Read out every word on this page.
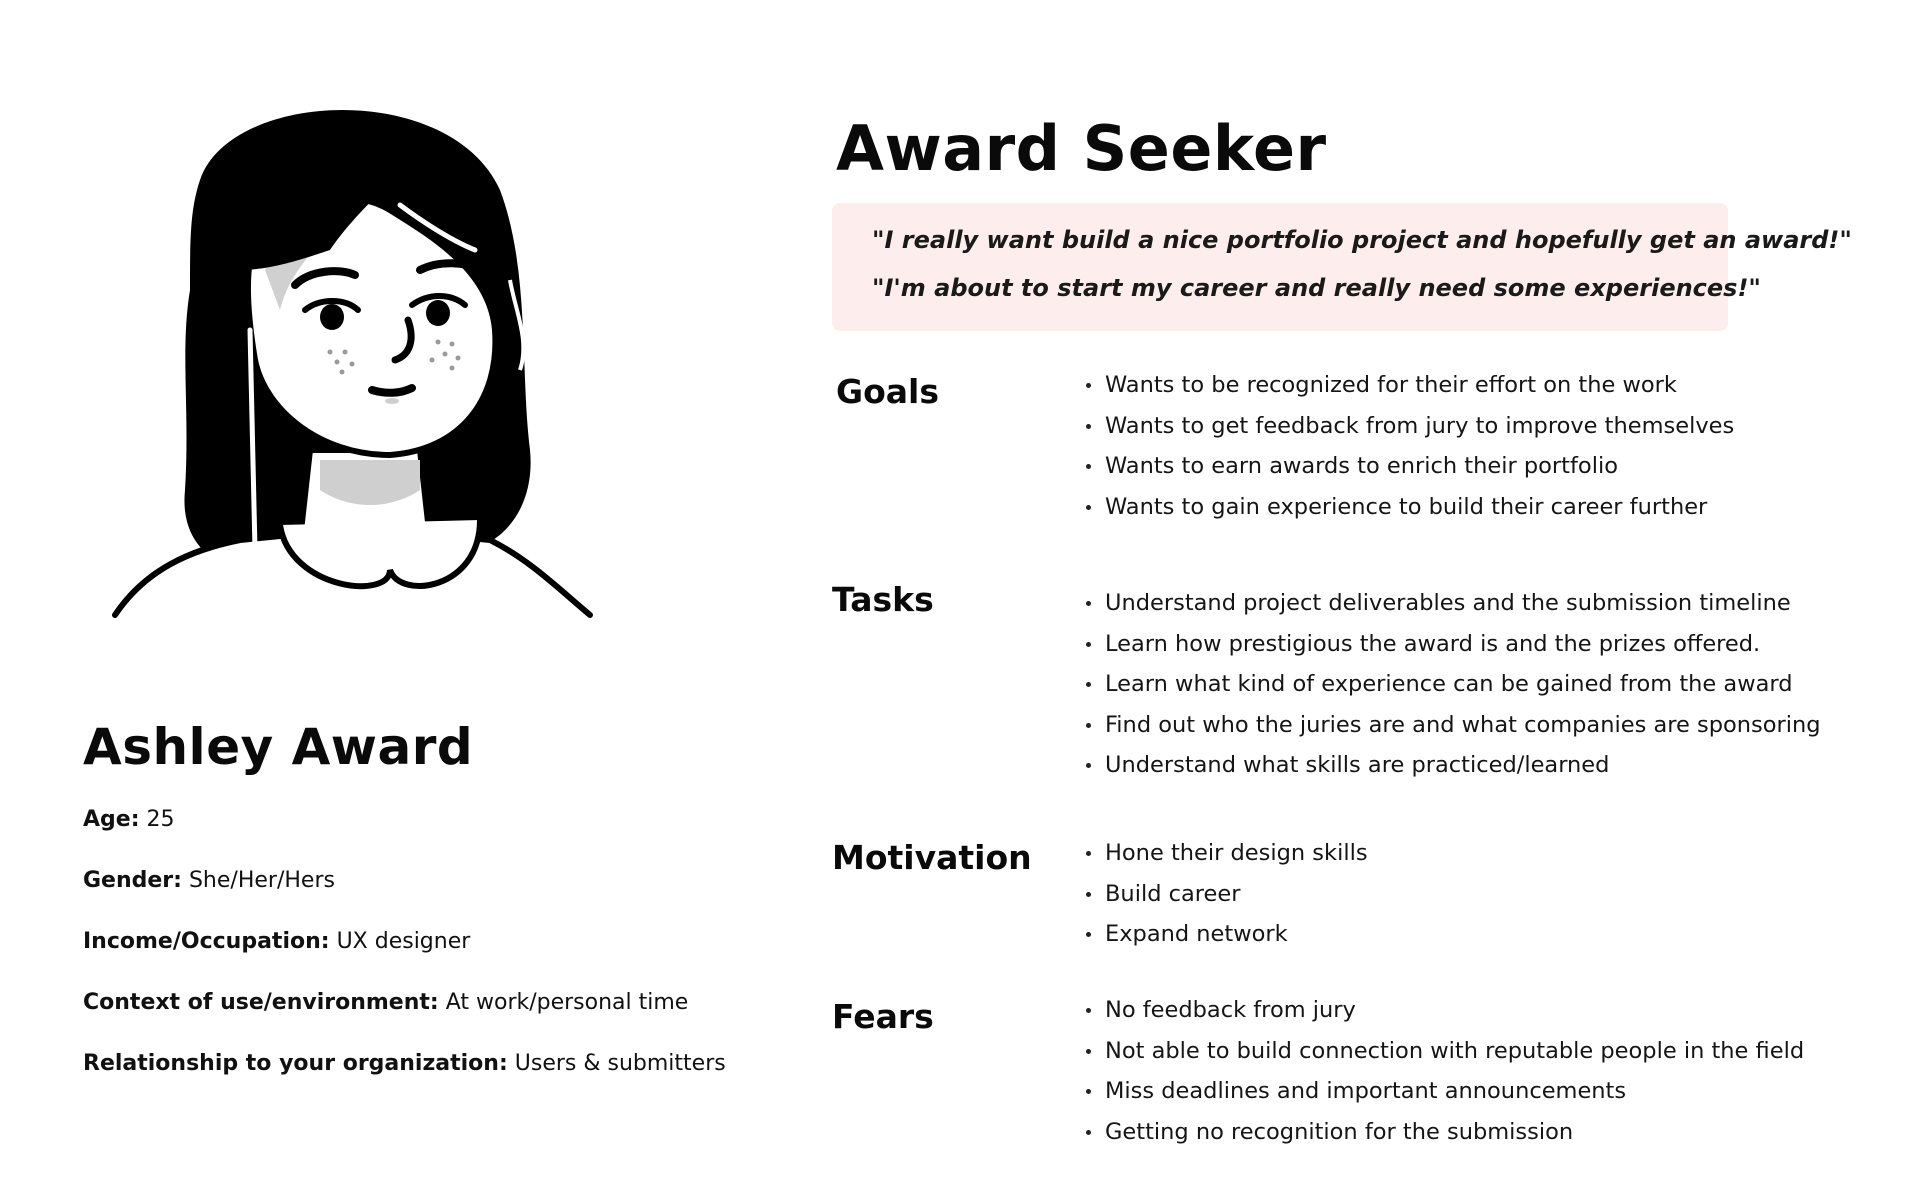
Ashley Award
Age: 25
Gender: She/Her/Hers
Income/Occupation: UX designer
Context of use/environment: At work/personal time
Relationship to your organization: Users & submitters
Award Seeker
"I really want build a nice portfolio project and hopefully get an award!"
"I'm about to start my career and really need some experiences!"
Goals	Wants to be recognized for their effort on the work
Wants to get feedback from jury to improve themselves
Wants to earn awards to enrich their portfolio
Wants to gain experience to build their career further
Tasks	Understand project deliverables and the submission timeline
Learn how prestigious the award is and the prizes offered.
Learn what kind of experience can be gained from the award
Find out who the juries are and what companies are sponsoring
Understand what skills are practiced/learned
Motivation	Hone their design skills
Build career
Expand network
Fears	No feedback from jury
Not able to build connection with reputable people in the field
Miss deadlines and important announcements
Getting no recognition for the submission
